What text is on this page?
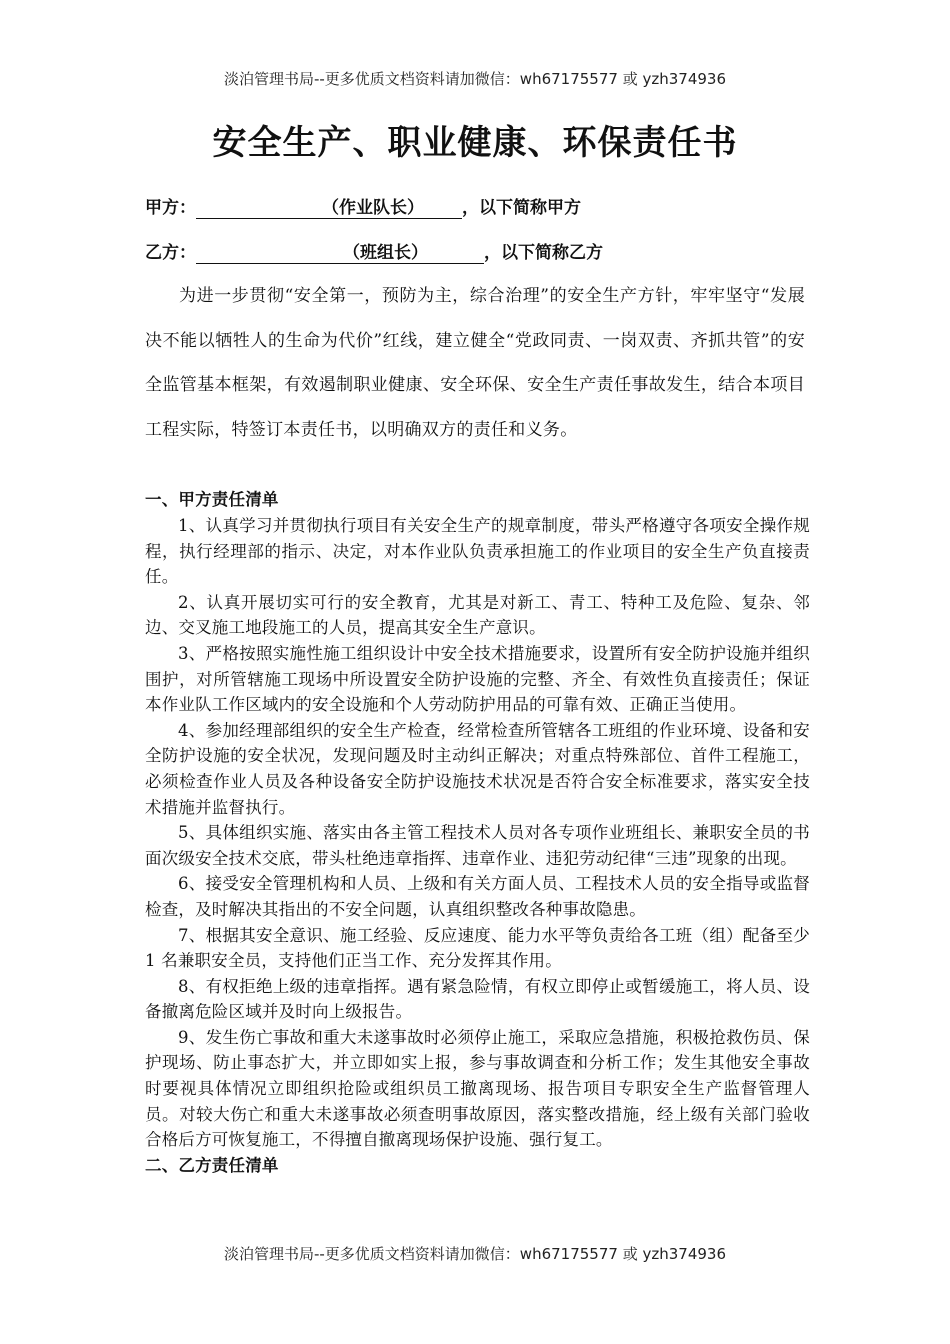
淡泊管理书局--更多优质文档资料请加微信：wh67175577 或 yzh374936
安全生产、职业健康、环保责任书
甲方：	（作业队长） ，以下简称甲方
乙方：	（班组长）	，以下简称乙方
为进一步贯彻“安全第一，预防为主，综合治理”的安全生产方针，牢牢坚守“发展决不能以牺牲人的生命为代价”红线，建立健全“党政同责、一岗双责、齐抓共管”的安全监管基本框架，有效遏制职业健康、安全环保、安全生产责任事故发生，结合本项目工程实际，特签订本责任书，以明确双方的责任和义务。
一、甲方责任清单

1、认真学习并贯彻执行项目有关安全生产的规章制度，带头严格遵守各项安全操作规程，执行经理部的指示、决定，对本作业队负责承担施工的作业项目的安全生产负直接责任。

2、认真开展切实可行的安全教育，尤其是对新工、青工、特种工及危险、复杂、邻边、交叉施工地段施工的人员，提高其安全生产意识。

3、严格按照实施性施工组织设计中安全技术措施要求，设置所有安全防护设施并组织围护，对所管辖施工现场中所设置安全防护设施的完整、齐全、有效性负直接责任；保证本作业队工作区域内的安全设施和个人劳动防护用品的可靠有效、正确正当使用。

4、参加经理部组织的安全生产检查，经常检查所管辖各工班组的作业环境、设备和安全防护设施的安全状况，发现问题及时主动纠正解决；对重点特殊部位、首件工程施工，必须检查作业人员及各种设备安全防护设施技术状况是否符合安全标准要求，落实安全技术措施并监督执行。

5、具体组织实施、落实由各主管工程技术人员对各专项作业班组长、兼职安全员的书面次级安全技术交底，带头杜绝违章指挥、违章作业、违犯劳动纪律“三违”现象的出现。

6、接受安全管理机构和人员、上级和有关方面人员、工程技术人员的安全指导或监督检查，及时解决其指出的不安全问题，认真组织整改各种事故隐患。

7、根据其安全意识、施工经验、反应速度、能力水平等负责给各工班（组）配备至少 1 名兼职安全员，支持他们正当工作、充分发挥其作用。

8、有权拒绝上级的违章指挥。遇有紧急险情，有权立即停止或暂缓施工，将人员、设备撤离危险区域并及时向上级报告。

9、发生伤亡事故和重大未遂事故时必须停止施工，采取应急措施，积极抢救伤员、保护现场、防止事态扩大，并立即如实上报，参与事故调查和分析工作；发生其他安全事故时要视具体情况立即组织抢险或组织员工撤离现场、报告项目专职安全生产监督管理人员。对较大伤亡和重大未遂事故必须查明事故原因，落实整改措施，经上级有关部门验收合格后方可恢复施工，不得擅自撤离现场保护设施、强行复工。

二、乙方责任清单
淡泊管理书局--更多优质文档资料请加微信：wh67175577 或 yzh374936
